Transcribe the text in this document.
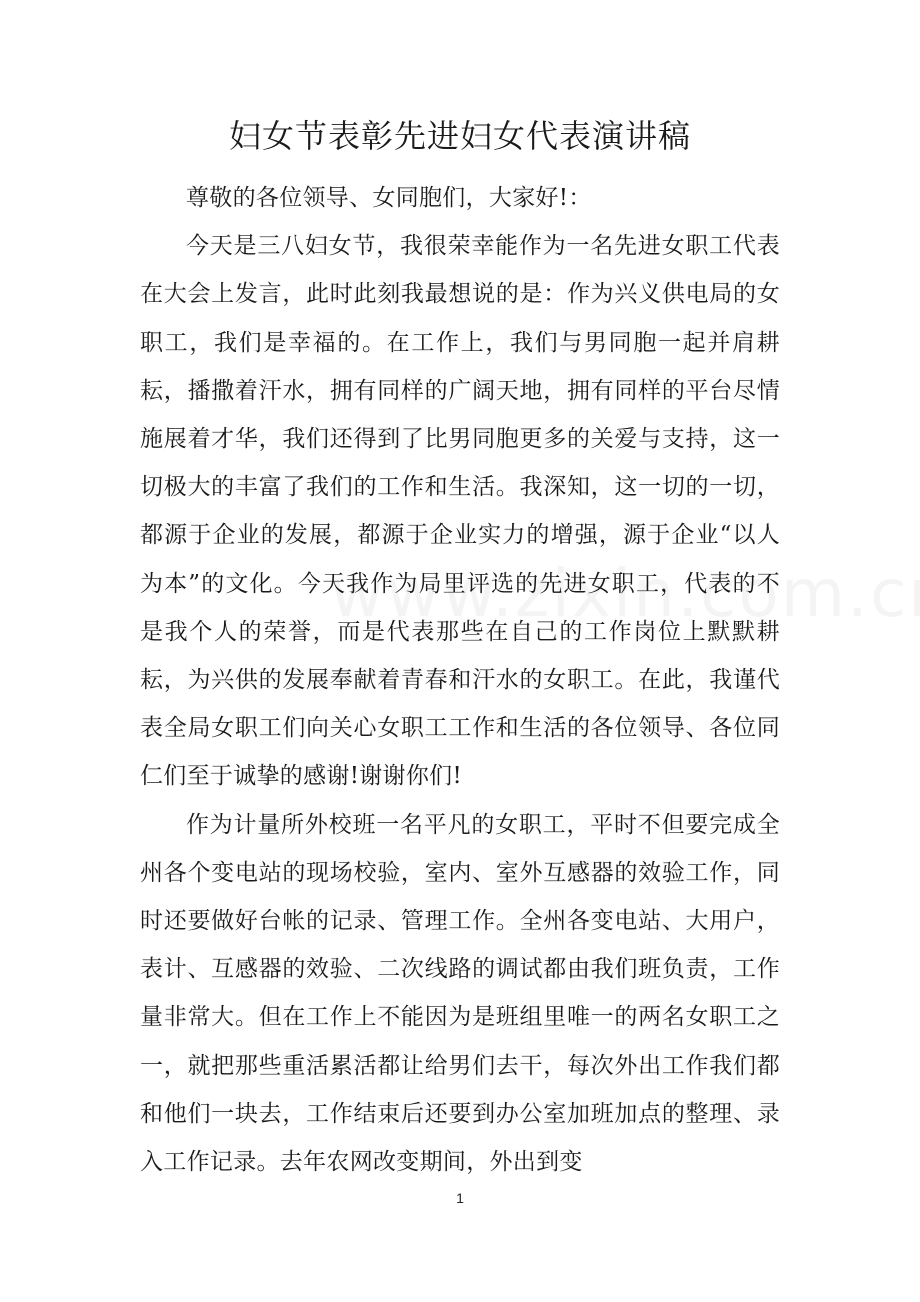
妇女节表彰先进妇女代表演讲稿

尊敬的各位领导、女同胞们，大家好!：

今天是三八妇女节，我很荣幸能作为一名先进女职工代表在大会上发言，此时此刻我最想说的是：作为兴义供电局的女职工，我们是幸福的。在工作上，我们与男同胞一起并肩耕耘，播撒着汗水，拥有同样的广阔天地，拥有同样的平台尽情施展着才华，我们还得到了比男同胞更多的关爱与支持，这一切极大的丰富了我们的工作和生活。我深知，这一切的一切，都源于企业的发展，都源于企业实力的增强，源于企业“以人为本”的文化。今天我作为局里评选的先进女职工，代表的不是我个人的荣誉，而是代表那些在自己的工作岗位上默默耕耘，为兴供的发展奉献着青春和汗水的女职工。在此，我谨代表全局女职工们向关心女职工工作和生活的各位领导、各位同仁们至于诚挚的感谢!谢谢你们!

作为计量所外校班一名平凡的女职工，平时不但要完成全州各个变电站的现场校验，室内、室外互感器的效验工作，同时还要做好台帐的记录、管理工作。全州各变电站、大用户，表计、互感器的效验、二次线路的调试都由我们班负责，工作量非常大。但在工作上不能因为是班组里唯一的两名女职工之一，就把那些重活累活都让给男们去干，每次外出工作我们都和他们一块去，工作结束后还要到办公室加班加点的整理、录入工作记录。去年农网改变期间，外出到变

1
